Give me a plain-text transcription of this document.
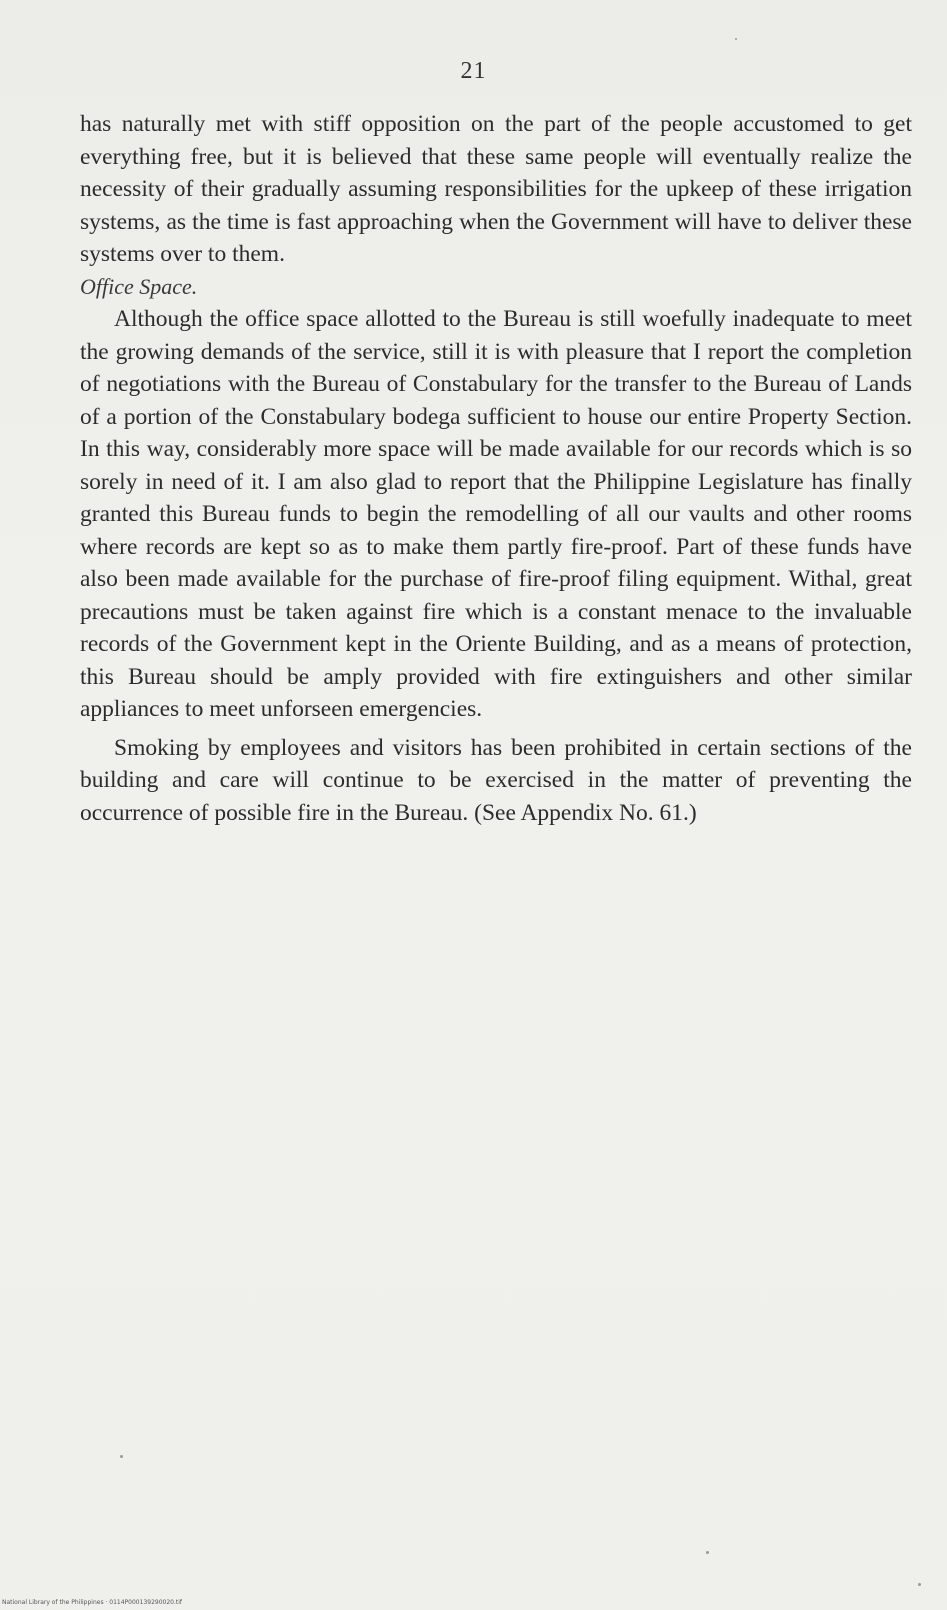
21

has naturally met with stiff opposition on the part of the people accustomed to get everything free, but it is believed that these same people will eventually realize the necessity of their gradually assuming responsibilities for the upkeep of these irrigation systems, as the time is fast approaching when the Government will have to deliver these systems over to them.

Office Space.

Although the office space allotted to the Bureau is still woefully inadequate to meet the growing demands of the service, still it is with pleasure that I report the completion of negotiations with the Bureau of Constabulary for the transfer to the Bureau of Lands of a portion of the Constabulary bodega sufficient to house our entire Property Section. In this way, considerably more space will be made available for our records which is so sorely in need of it. I am also glad to report that the Philippine Legislature has finally granted this Bureau funds to begin the remodelling of all our vaults and other rooms where records are kept so as to make them partly fire-proof. Part of these funds have also been made available for the purchase of fire-proof filing equipment. Withal, great precautions must be taken against fire which is a constant menace to the invaluable records of the Government kept in the Oriente Building, and as a means of protection, this Bureau should be amply provided with fire extinguishers and other similar appliances to meet unforseen emergencies.

Smoking by employees and visitors has been prohibited in certain sections of the building and care will continue to be exercised in the matter of preventing the occurrence of possible fire in the Bureau. (See Appendix No. 61.)

National Library of the Philippines · 0114P000139290020.tif
